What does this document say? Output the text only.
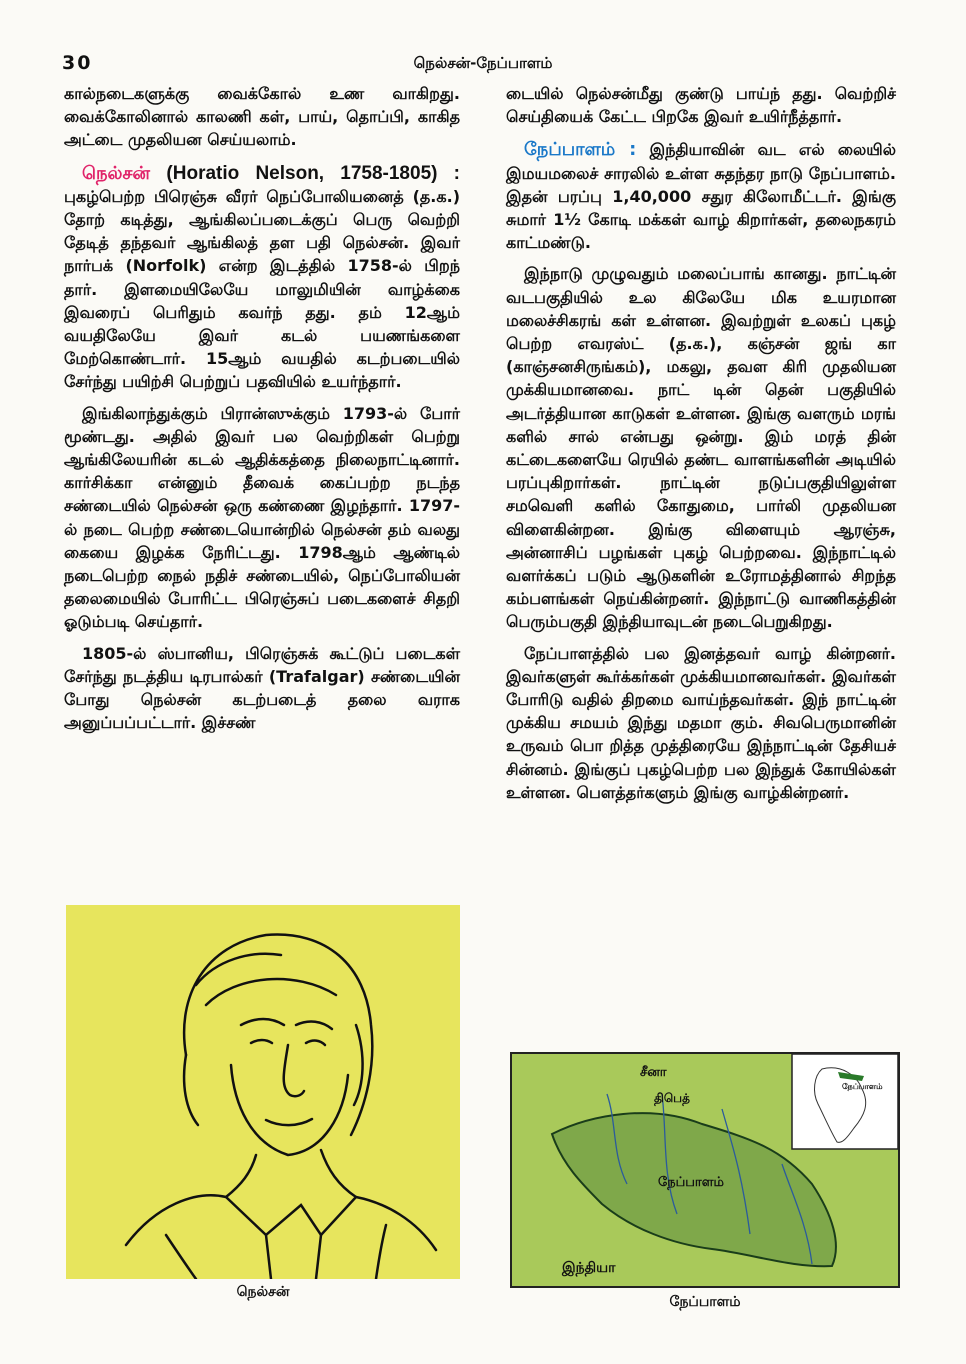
30	நெல்சன்-நேப்பாளம்

கால்நடைகளுக்கு வைக்கோல் உண வாகிறது. வைக்கோலினால் காலணி கள், பாய், தொப்பி, காகித அட்டை முதலியன செய்யலாம்.

நெல்சன் (Horatio Nelson, 1758-1805) : புகழ்பெற்ற பிரெஞ்சு வீரர் நெப்போலியனைத் (த.க.) தோற் கடித்து, ஆங்கிலப்படைக்குப் பெரு வெற்றி தேடித் தந்தவர் ஆங்கிலத் தள பதி நெல்சன். இவர் நார்பக் (Norfolk) என்ற இடத்தில் 1758-ல் பிறந் தார். இளமையிலேயே மாலுமியின் வாழ்க்கை இவரைப் பெரிதும் கவர்ந் தது. தம் 12ஆம் வயதிலேயே இவர் கடல் பயணங்களை மேற்கொண்டார். 15ஆம் வயதில் கடற்படையில் சேர்ந்து பயிற்சி பெற்றுப் பதவியில் உயர்ந்தார்.

இங்கிலாந்துக்கும் பிரான்ஸுக்கும் 1793-ல் போர் மூண்டது. அதில் இவர் பல வெற்றிகள் பெற்று ஆங்கிலேயரின் கடல் ஆதிக்கத்தை நிலைநாட்டினார். கார்சிக்கா என்னும் தீவைக் கைப்பற்ற நடந்த சண்டையில் நெல்சன் ஒரு கண்ணை இழந்தார். 1797-ல் நடை பெற்ற சண்டையொன்றில் நெல்சன் தம் வலது கையை இழக்க நேரிட்டது. 1798ஆம் ஆண்டில் நடைபெற்ற நைல் நதிச் சண்டையில், நெப்போலியன் தலைமையில் போரிட்ட பிரெஞ்சுப் படைகளைச் சிதறி ஓடும்படி செய்தார்.

1805-ல் ஸ்பானிய, பிரெஞ்சுக் கூட்டுப் படைகள் சேர்ந்து நடத்திய டிரபால்கர் (Trafalgar) சண்டையின் போது நெல்சன் கடற்படைத் தலை வராக அனுப்பப்பட்டார். இச்சண்

நெல்சன்

டையில் நெல்சன்மீது குண்டு பாய்ந் தது. வெற்றிச் செய்தியைக் கேட்ட பிறகே இவர் உயிர்நீத்தார்.

நேப்பாளம் : இந்தியாவின் வட எல் லையில் இமயமலைச் சாரலில் உள்ள சுதந்தர நாடு நேப்பாளம். இதன் பரப்பு 1,40,000 சதுர கிலோமீட்டர். இங்கு சுமார் 1½ கோடி மக்கள் வாழ் கிறார்கள், தலைநகரம் காட்மண்டு.

இந்நாடு முழுவதும் மலைப்பாங் கானது. நாட்டின் வடபகுதியில் உல கிலேயே மிக உயரமான மலைச்சிகரங் கள் உள்ளன. இவற்றுள் உலகப் புகழ் பெற்ற எவரஸ்ட் (த.க.), கஞ்சன் ஜங் கா (காஞ்சனசிருங்கம்), மகலு, தவள கிரி முதலியன முக்கியமானவை. நாட் டின் தென் பகுதியில் அடர்த்தியான காடுகள் உள்ளன. இங்கு வளரும் மரங் களில் சால் என்பது ஒன்று. இம் மரத் தின் கட்டைகளையே ரெயில் தண்ட வாளங்களின் அடியில் பரப்புகிறார்கள். நாட்டின் நடுப்பகுதியிலுள்ள சமவெளி களில் கோதுமை, பார்லி முதலியன விளைகின்றன. இங்கு விளையும் ஆரஞ்சு, அன்னாசிப் பழங்கள் புகழ் பெற்றவை. இந்நாட்டில் வளர்க்கப் படும் ஆடுகளின் உரோமத்தினால் சிறந்த கம்பளங்கள் நெய்கின்றனர். இந்நாட்டு வாணிகத்தின் பெரும்பகுதி இந்தியாவுடன் நடைபெறுகிறது.

நேப்பாளத்தில் பல இனத்தவர் வாழ் கின்றனர். இவர்களுள் கூர்க்கர்கள் முக்கியமானவர்கள். இவர்கள் போரிடு வதில் திறமை வாய்ந்தவர்கள். இந் நாட்டின் முக்கிய சமயம் இந்து மதமா கும். சிவபெருமானின் உருவம் பொ றித்த முத்திரையே இந்நாட்டின் தேசியச் சின்னம். இங்குப் புகழ்பெற்ற பல இந்துக் கோயில்கள் உள்ளன. பௌத்தர்களும் இங்கு வாழ்கின்றனர்.

சீனா
திபெத்
நேப்பாளம்
இந்தியா
நேப்பாளம்
நேப்பாளம்
